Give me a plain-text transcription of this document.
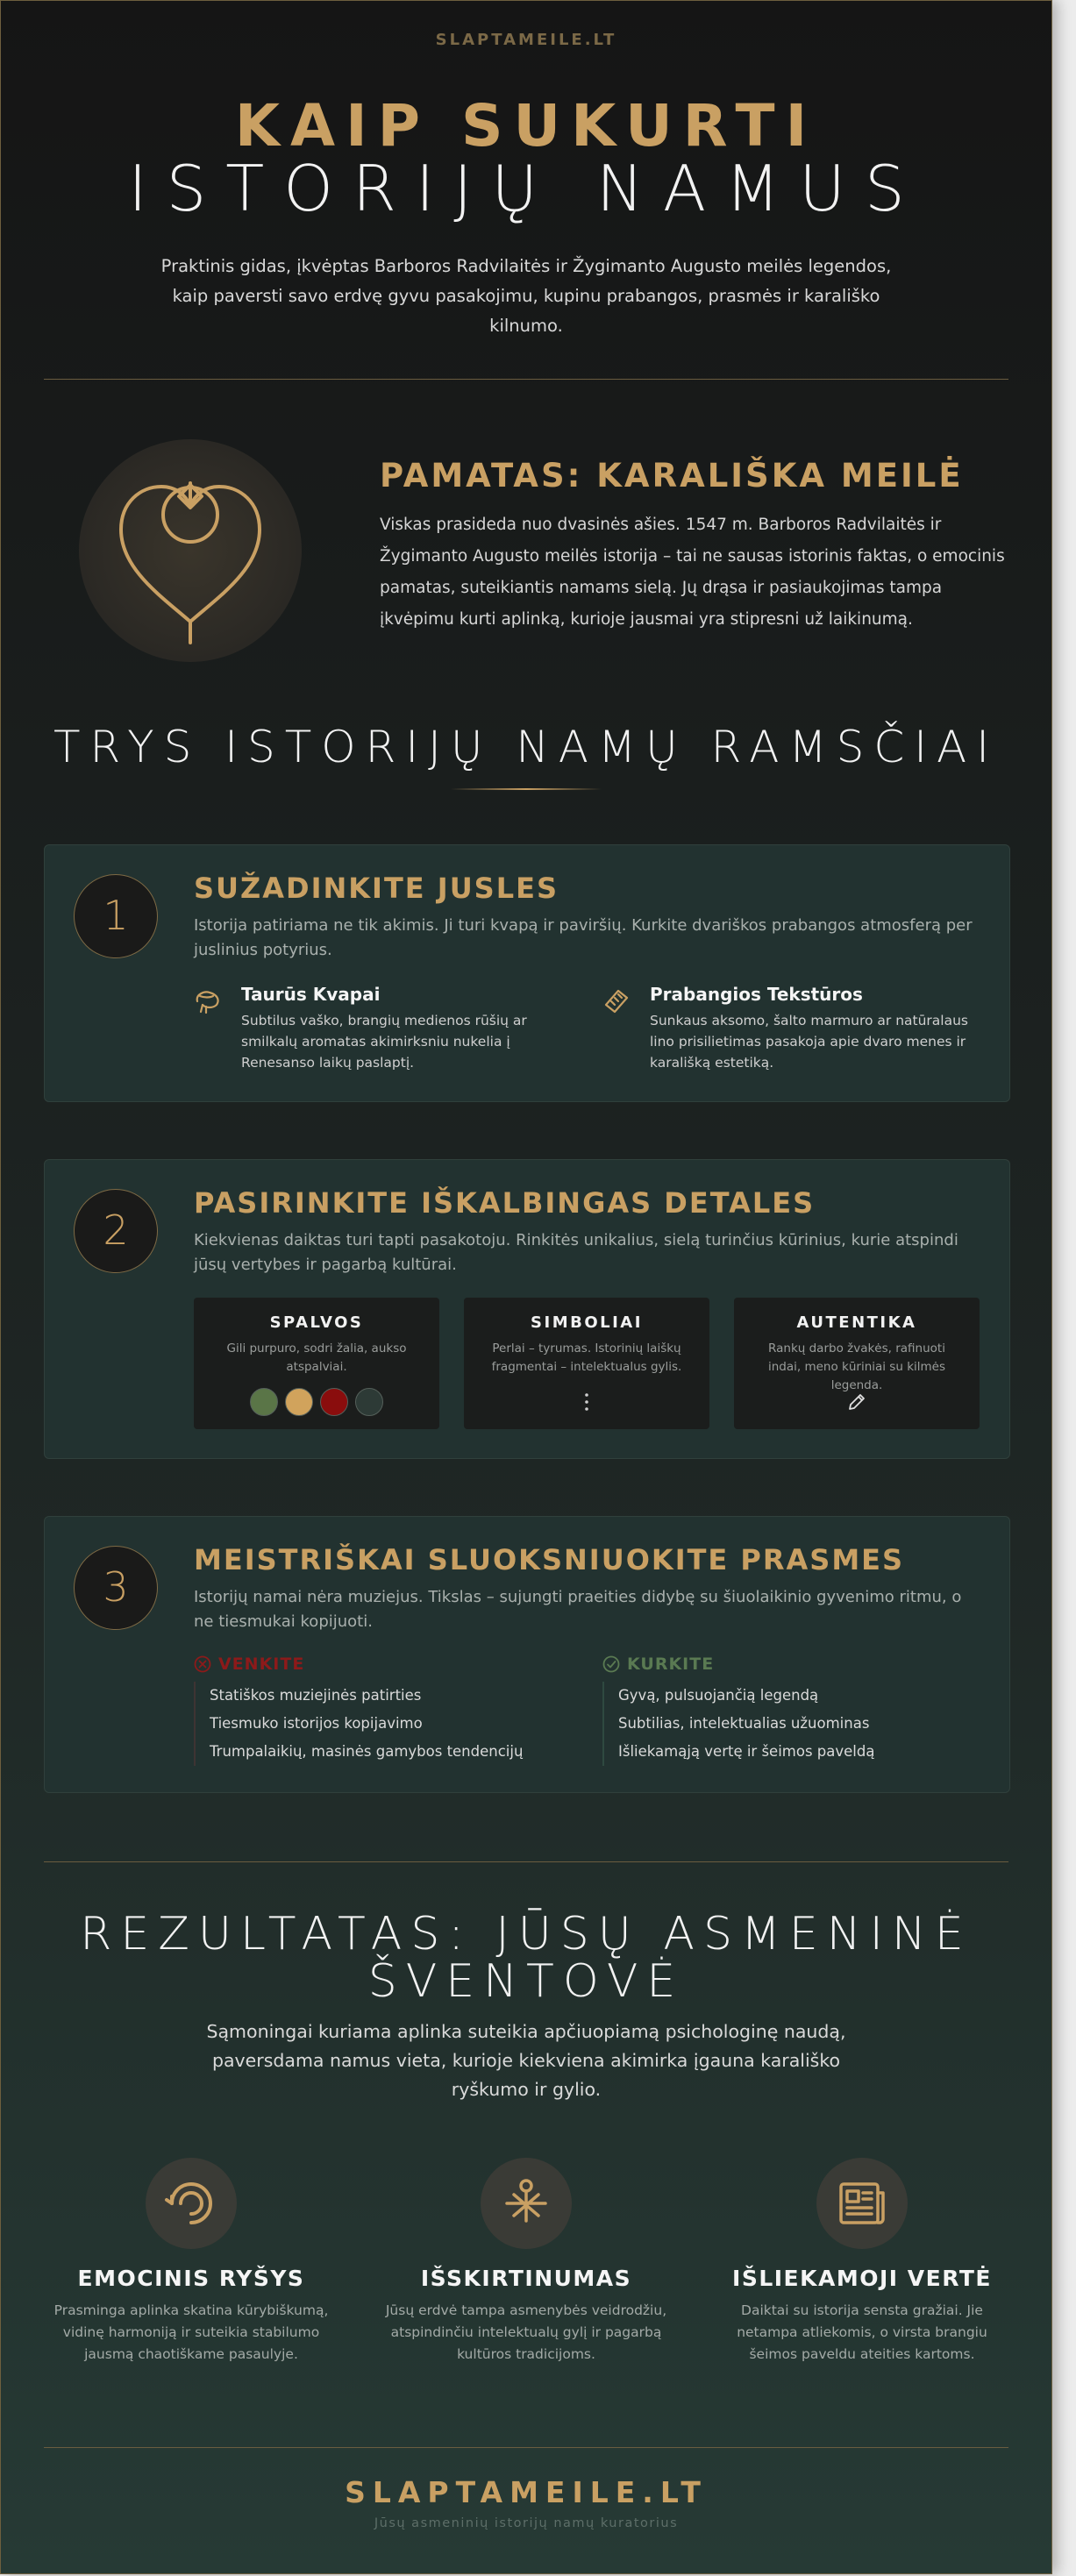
SLAPTAMEILE.LT
KAIP SUKURTI
ISTORIJŲ NAMUS
Praktinis gidas, įkvėptas Barboros Radvilaitės ir Žygimanto Augusto meilės legendos, kaip paversti savo erdvę gyvu pasakojimu, kupinu prabangos, prasmės ir karališko kilnumo.
PAMATAS: KARALIŠKA MEILĖ
Viskas prasideda nuo dvasinės ašies. 1547 m. Barboros Radvilaitės ir Žygimanto Augusto meilės istorija – tai ne sausas istorinis faktas, o emocinis pamatas, suteikiantis namams sielą. Jų drąsa ir pasiaukojimas tampa įkvėpimu kurti aplinką, kurioje jausmai yra stipresni už laikinumą.
TRYS ISTORIJŲ NAMŲ RAMSČIAI
1
SUŽADINKITE JUSLES
Istorija patiriama ne tik akimis. Ji turi kvapą ir paviršių. Kurkite dvariškos prabangos atmosferą per juslinius potyrius.
Taurūs Kvapai
Subtilus vaško, brangių medienos rūšių ar smilkalų aromatas akimirksniu nukelia į Renesanso laikų paslaptį.
Prabangios Tekstūros
Sunkaus aksomo, šalto marmuro ar natūralaus lino prisilietimas pasakoja apie dvaro menes ir karališką estetiką.
2
PASIRINKITE IŠKALBINGAS DETALES
Kiekvienas daiktas turi tapti pasakotoju. Rinkitės unikalius, sielą turinčius kūrinius, kurie atspindi jūsų vertybes ir pagarbą kultūrai.
SPALVOS
Gili purpuro, sodri žalia, aukso atspalviai.
SIMBOLIAI
Perlai – tyrumas. Istorinių laiškų fragmentai – intelektualus gylis.
AUTENTIKA
Rankų darbo žvakės, rafinuoti indai, meno kūriniai su kilmės legenda.
3
MEISTRIŠKAI SLUOKSNIUOKITE PRASMES
Istorijų namai nėra muziejus. Tikslas – sujungti praeities didybę su šiuolaikinio gyvenimo ritmu, o ne tiesmukai kopijuoti.
VENKITE
Statiškos muziejinės patirties
Tiesmuko istorijos kopijavimo
Trumpalaikių, masinės gamybos tendencijų
KURKITE
Gyvą, pulsuojančią legendą
Subtilias, intelektualias užuominas
Išliekamąją vertę ir šeimos paveldą
REZULTATAS: JŪSŲ ASMENINĖ
ŠVENTOVĖ
Sąmoningai kuriama aplinka suteikia apčiuopiamą psichologinę naudą, paversdama namus vieta, kurioje kiekviena akimirka įgauna karališko ryškumo ir gylio.
EMOCINIS RYŠYS
Prasminga aplinka skatina kūrybiškumą, vidinę harmoniją ir suteikia stabilumo jausmą chaotiškame pasaulyje.
IŠSKIRTINUMAS
Jūsų erdvė tampa asmenybės veidrodžiu, atspindinčiu intelektualų gylį ir pagarbą kultūros tradicijoms.
IŠLIEKAMOJI VERTĖ
Daiktai su istorija sensta gražiai. Jie netampa atliekomis, o virsta brangiu šeimos paveldu ateities kartoms.
SLAPTAMEILE.LT
Jūsų asmeninių istorijų namų kuratorius
